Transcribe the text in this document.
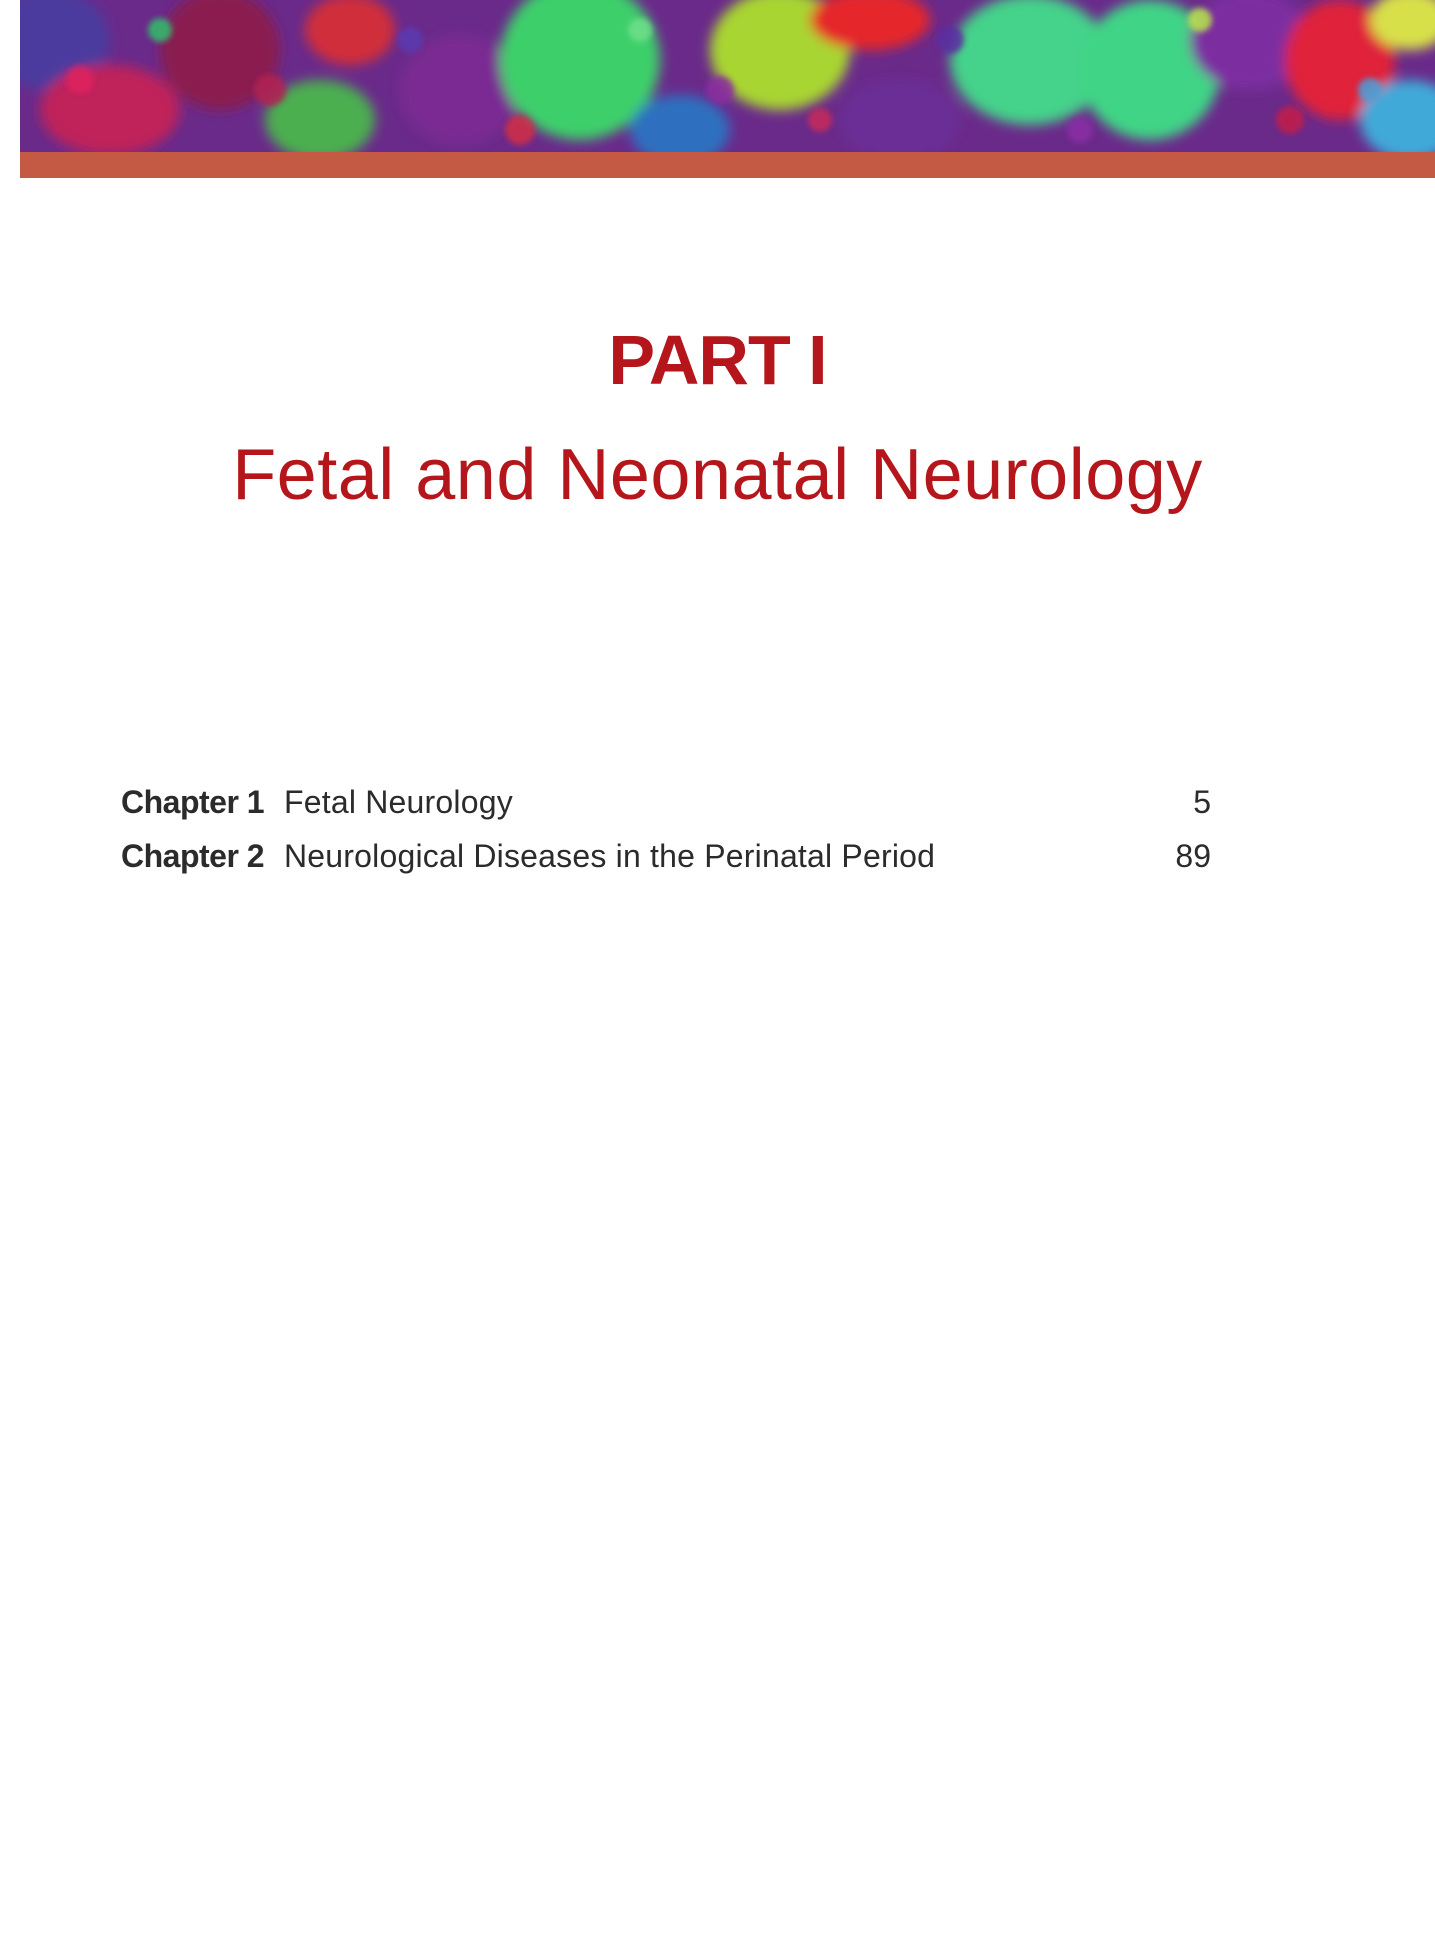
PART I
Fetal and Neonatal Neurology
Chapter 1 Fetal Neurology	5
Chapter 2 Neurological Diseases in the Perinatal Period	89
